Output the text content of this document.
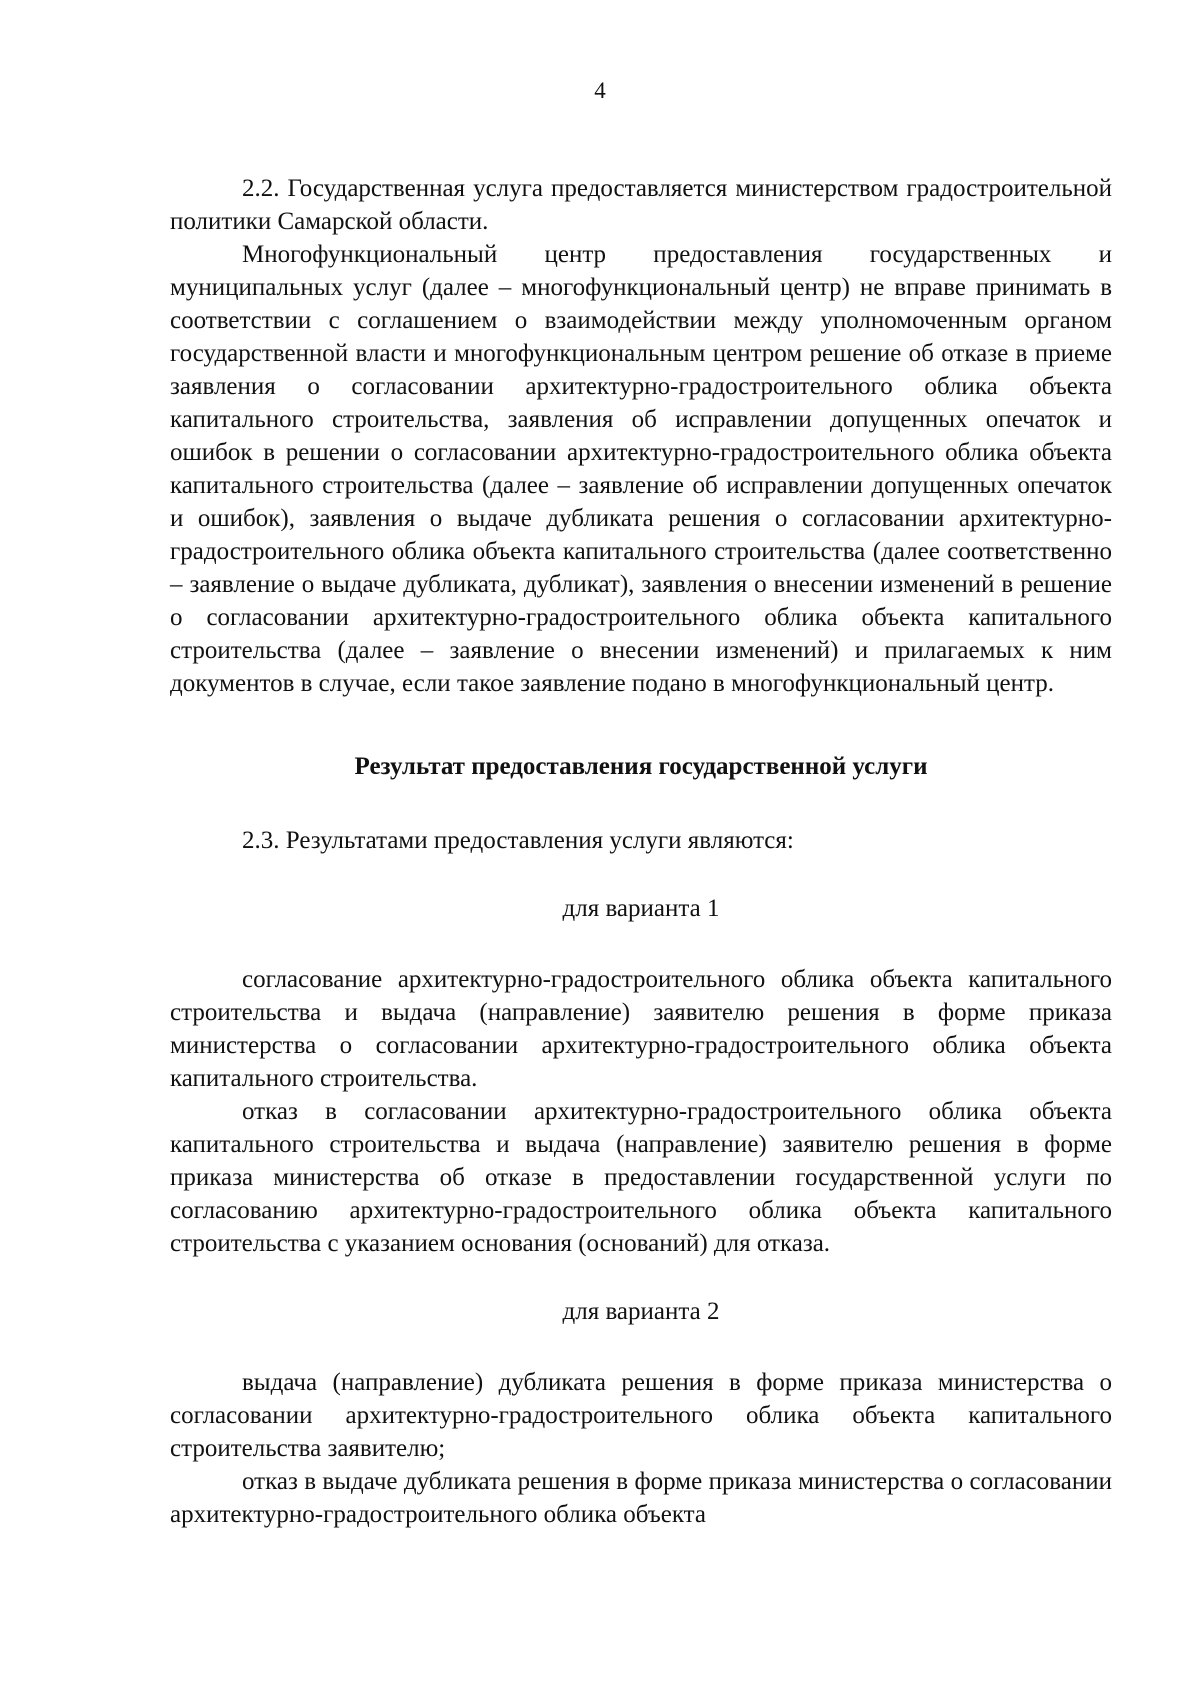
4

2.2. Государственная услуга предоставляется министерством градостроительной политики Самарской области.

Многофункциональный центр предоставления государственных и муниципальных услуг (далее – многофункциональный центр) не вправе принимать в соответствии с соглашением о взаимодействии между уполномоченным органом государственной власти и многофункциональным центром решение об отказе в приеме заявления о согласовании архитектурно-градостроительного облика объекта капитального строительства, заявления об исправлении допущенных опечаток и ошибок в решении о согласовании архитектурно-градостроительного облика объекта капитального строительства (далее – заявление об исправлении допущенных опечаток и ошибок), заявления о выдаче дубликата решения о согласовании архитектурно-градостроительного облика объекта капитального строительства (далее соответственно – заявление о выдаче дубликата, дубликат), заявления о внесении изменений в решение о согласовании архитектурно-градостроительного облика объекта капитального строительства (далее – заявление о внесении изменений) и прилагаемых к ним документов в случае, если такое заявление подано в многофункциональный центр.

Результат предоставления государственной услуги

2.3. Результатами предоставления услуги являются:

для варианта 1

согласование архитектурно-градостроительного облика объекта капитального строительства и выдача (направление) заявителю решения в форме приказа министерства о согласовании архитектурно-градостроительного облика объекта капитального строительства.

отказ в согласовании архитектурно-градостроительного облика объекта капитального строительства и выдача (направление) заявителю решения в форме приказа министерства об отказе в предоставлении государственной услуги по согласованию архитектурно-градостроительного облика объекта капитального строительства с указанием основания (оснований) для отказа.

для варианта 2

выдача (направление) дубликата решения в форме приказа министерства о согласовании архитектурно-градостроительного облика объекта капитального строительства заявителю;

отказ в выдаче дубликата решения в форме приказа министерства о согласовании архитектурно-градостроительного облика объекта
